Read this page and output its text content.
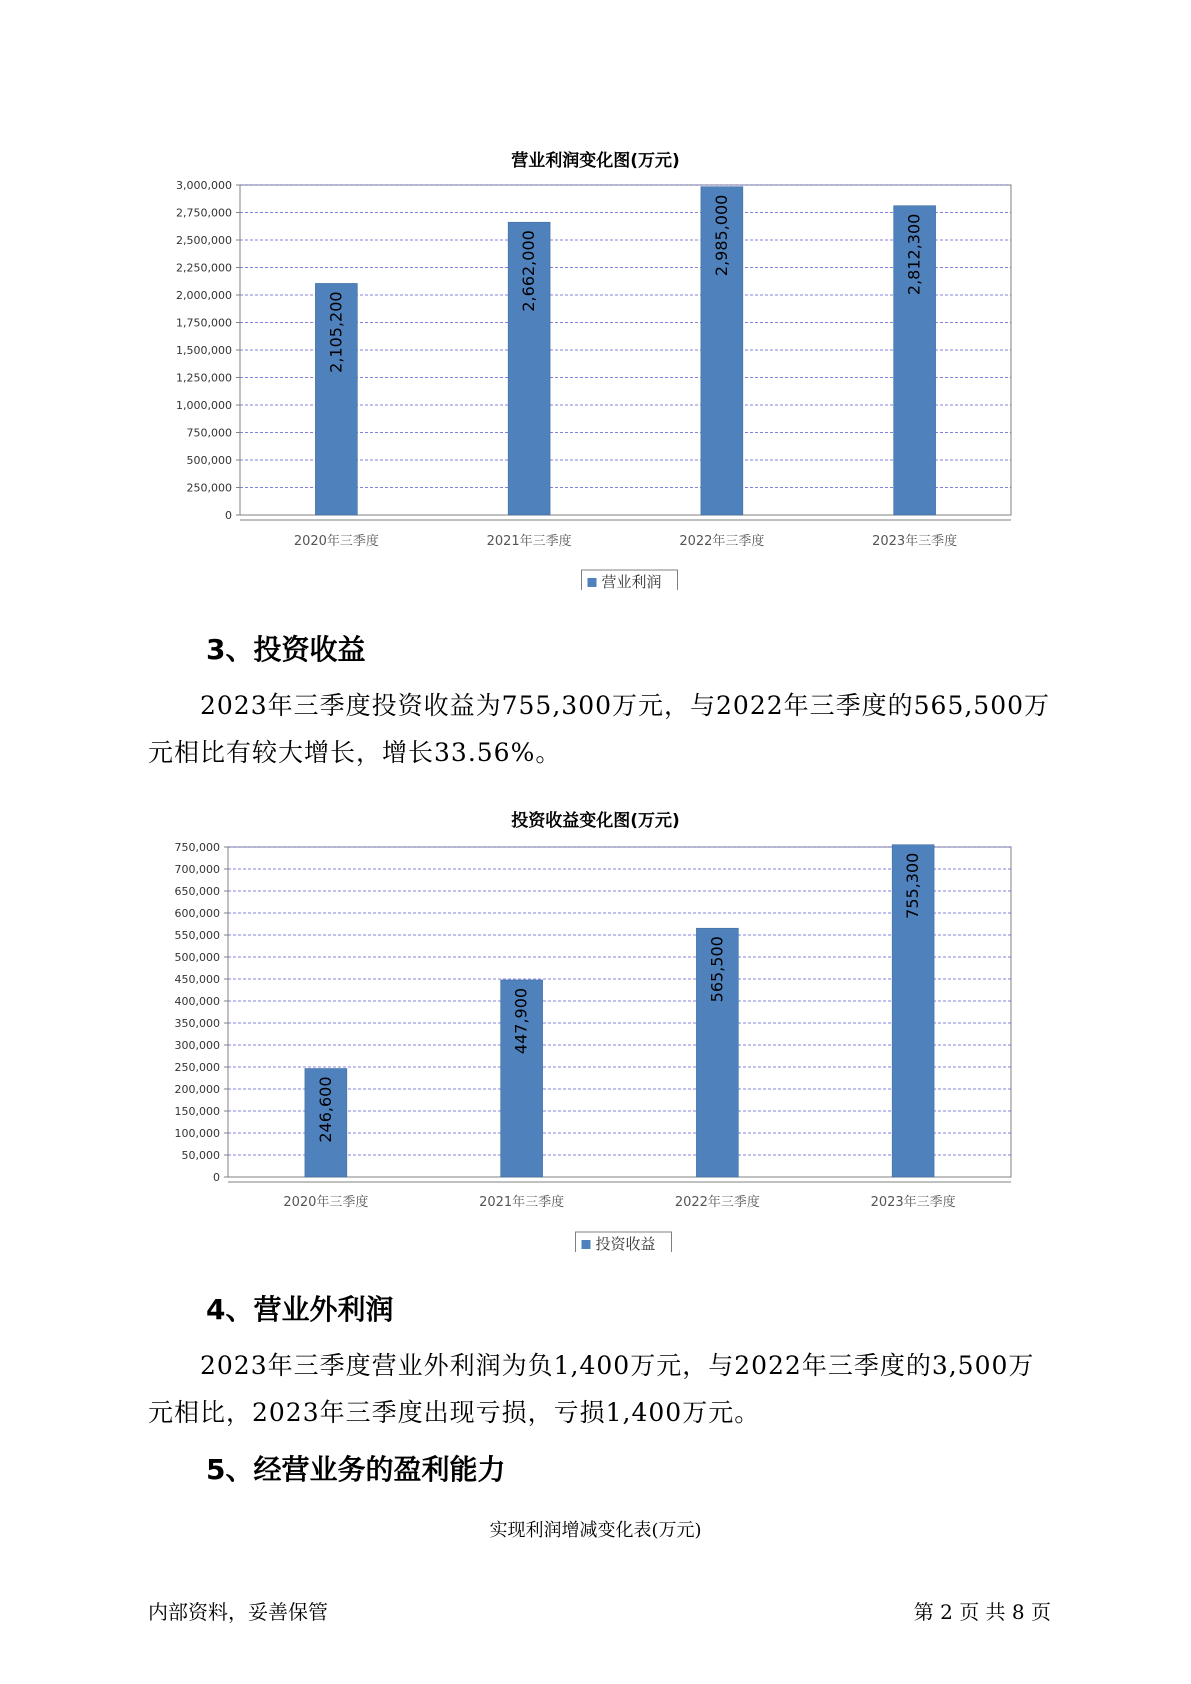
营业利润变化图(万元)
0
250,000
500,000
750,000
1,000,000
1,250,000
1,500,000
1,750,000
2,000,000
2,250,000
2,500,000
2,750,000
3,000,000
2,105,200
2020年三季度
2,662,000
2021年三季度
2,985,000
2022年三季度
2,812,300
2023年三季度
营业利润
3、投资收益
2023年三季度投资收益为755,300万元，与2022年三季度的565,500万
元相比有较大增长，增长33.56%。
投资收益变化图(万元)
0
50,000
100,000
150,000
200,000
250,000
300,000
350,000
400,000
450,000
500,000
550,000
600,000
650,000
700,000
750,000
246,600
2020年三季度
447,900
2021年三季度
565,500
2022年三季度
755,300
2023年三季度
投资收益
4、营业外利润
2023年三季度营业外利润为负1,400万元，与2022年三季度的3,500万
元相比，2023年三季度出现亏损，亏损1,400万元。
5、经营业务的盈利能力
实现利润增减变化表(万元)
内部资料，妥善保管	第 2 页 共 8 页
